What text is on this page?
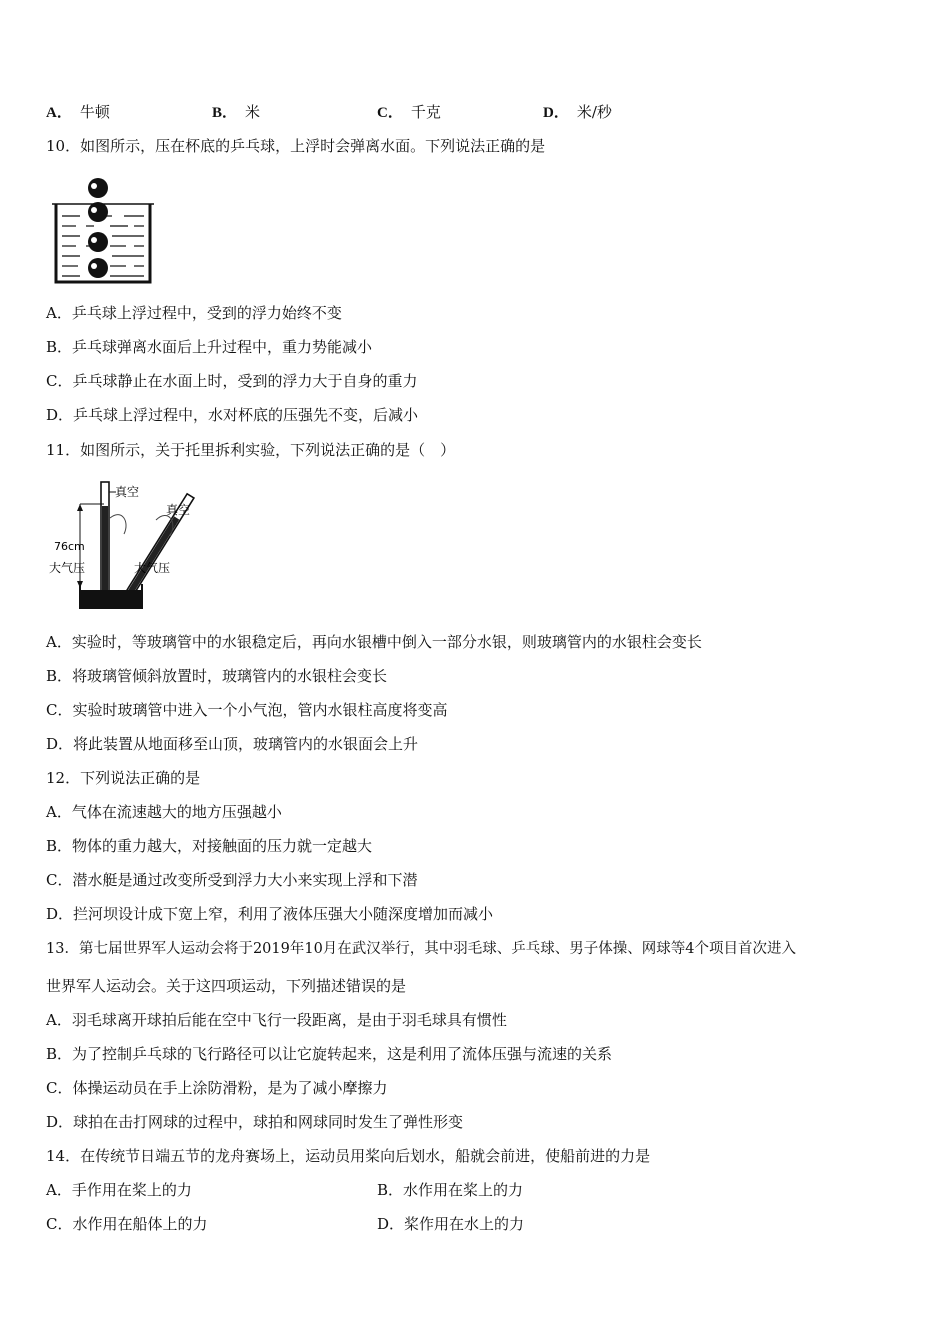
A． 牛顿	B． 米	C． 千克	D． 米/秒
10．如图所示，压在杯底的乒乓球，上浮时会弹离水面。下列说法正确的是
A．乒乓球上浮过程中，受到的浮力始终不变
B．乒乓球弹离水面后上升过程中，重力势能减小
C．乒乓球静止在水面上时，受到的浮力大于自身的重力
D．乒乓球上浮过程中，水对杯底的压强先不变，后减小
11．如图所示，关于托里拆利实验，下列说法正确的是（　）
真空
真空
76cm
大气压	大气压
A．实验时，等玻璃管中的水银稳定后，再向水银槽中倒入一部分水银，则玻璃管内的水银柱会变长
B．将玻璃管倾斜放置时，玻璃管内的水银柱会变长
C．实验时玻璃管中进入一个小气泡，管内水银柱高度将变高
D．将此装置从地面移至山顶，玻璃管内的水银面会上升
12．下列说法正确的是
A．气体在流速越大的地方压强越小
B．物体的重力越大，对接触面的压力就一定越大
C．潜水艇是通过改变所受到浮力大小来实现上浮和下潜
D．拦河坝设计成下宽上窄，利用了液体压强大小随深度增加而减小
13．第七届世界军人运动会将于2019年10月在武汉举行，其中羽毛球、乒乓球、男子体操、网球等4个项目首次进入
世界军人运动会。关于这四项运动，下列描述错误的是
A．羽毛球离开球拍后能在空中飞行一段距离，是由于羽毛球具有惯性
B．为了控制乒乓球的飞行路径可以让它旋转起来，这是利用了流体压强与流速的关系
C．体操运动员在手上涂防滑粉，是为了减小摩擦力
D．球拍在击打网球的过程中，球拍和网球同时发生了弹性形变
14．在传统节日端五节的龙舟赛场上，运动员用桨向后划水，船就会前进，使船前进的力是
A．手作用在桨上的力	B．水作用在桨上的力
C．水作用在船体上的力	D．桨作用在水上的力
